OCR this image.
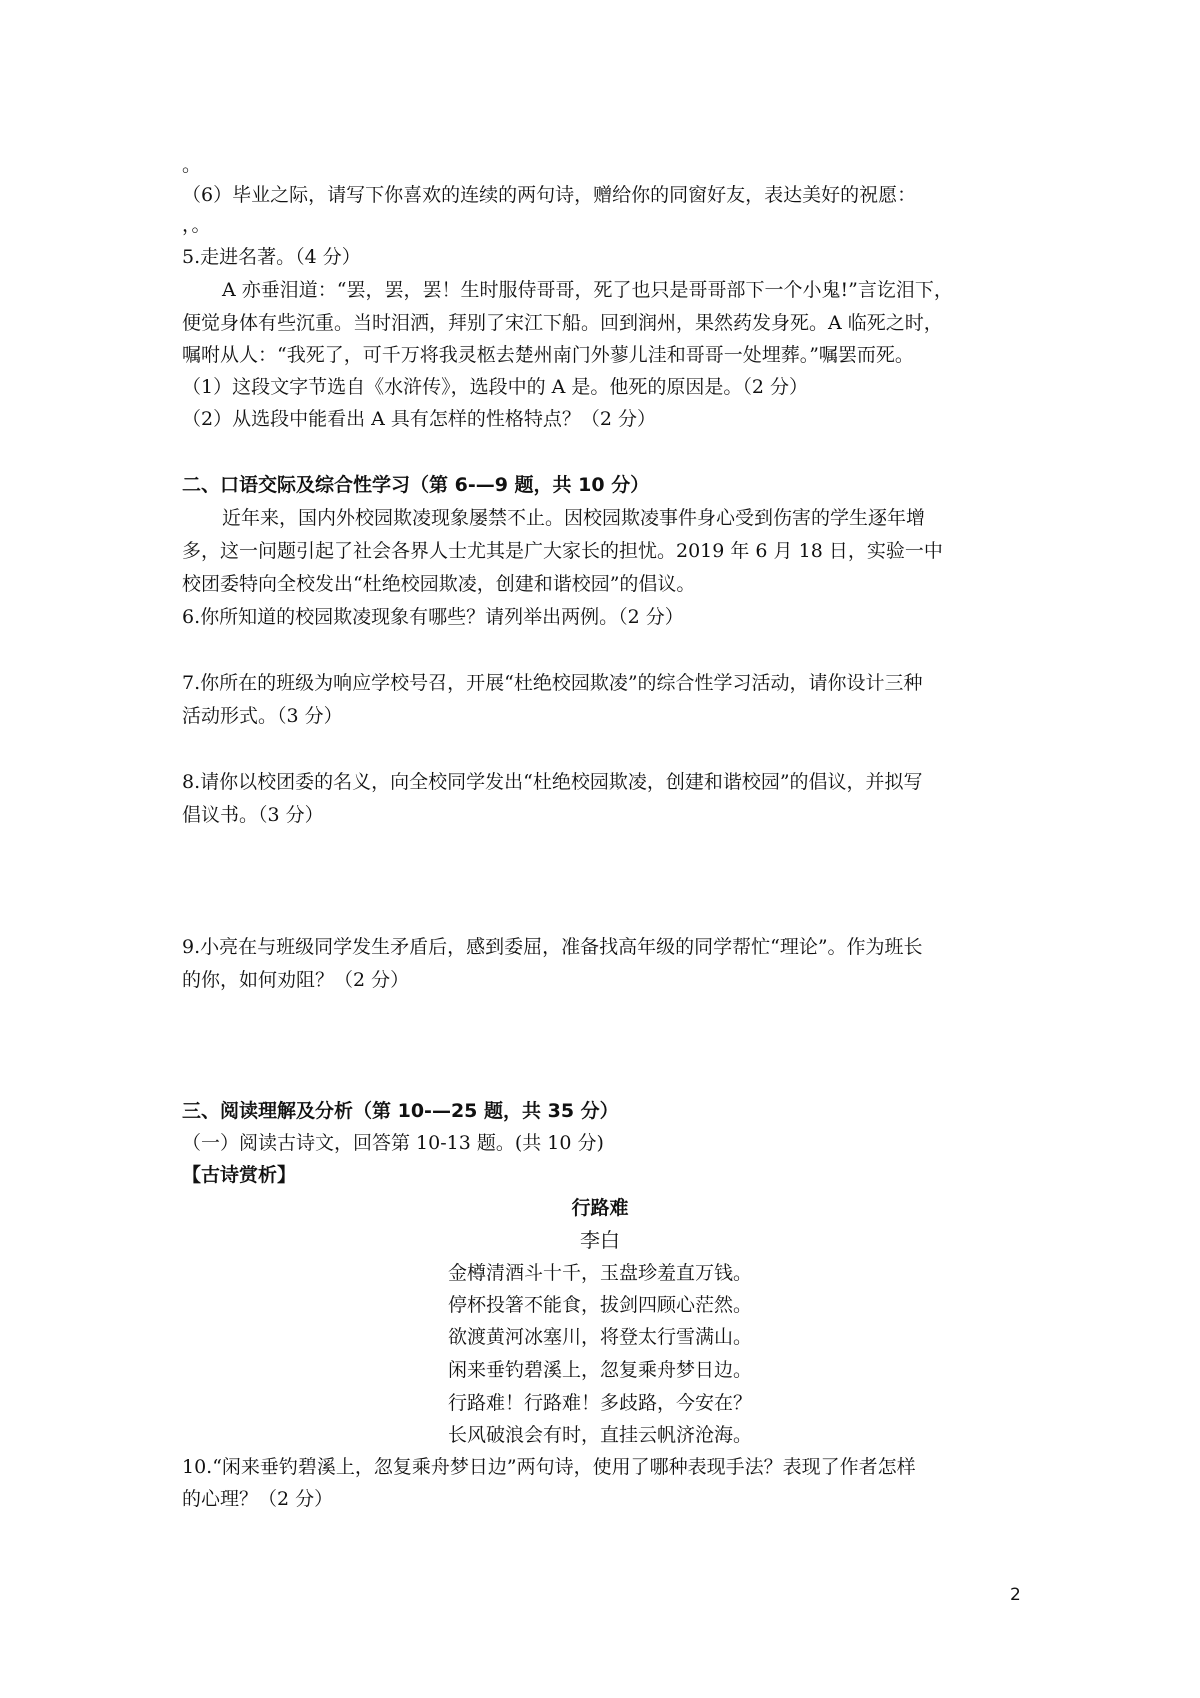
。
（6）毕业之际，请写下你喜欢的连续的两句诗，赠给你的同窗好友，表达美好的祝愿：
，。
5.走进名著。（4 分）
A 亦垂泪道：“罢，罢，罢！生时服侍哥哥，死了也只是哥哥部下一个小鬼!”言讫泪下，
便觉身体有些沉重。当时泪洒，拜别了宋江下船。回到润州，果然药发身死。A 临死之时，
嘱咐从人：“我死了，可千万将我灵柩去楚州南门外蓼儿洼和哥哥一处埋葬。”嘱罢而死。
（1）这段文字节选自《水浒传》，选段中的 A 是。他死的原因是。（2 分）
（2）从选段中能看出 A 具有怎样的性格特点？（2 分）
二、口语交际及综合性学习（第 6-—9 题，共 10 分）
近年来，国内外校园欺凌现象屡禁不止。因校园欺凌事件身心受到伤害的学生逐年增
多，这一问题引起了社会各界人士尤其是广大家长的担忧。2019 年 6 月 18 日，实验一中
校团委特向全校发出“杜绝校园欺凌，创建和谐校园”的倡议。
6.你所知道的校园欺凌现象有哪些？请列举出两例。（2 分）
7.你所在的班级为响应学校号召，开展“杜绝校园欺凌”的综合性学习活动，请你设计三种
活动形式。（3 分）
8.请你以校团委的名义，向全校同学发出“杜绝校园欺凌，创建和谐校园”的倡议，并拟写
倡议书。（3 分）
9.小亮在与班级同学发生矛盾后，感到委屈，准备找高年级的同学帮忙“理论”。作为班长
的你，如何劝阻？（2 分）
三、阅读理解及分析（第 10-—25 题，共 35 分）
（一）阅读古诗文，回答第 10-13 题。(共 10 分)
【古诗赏析】
行路难
李白
金樽清酒斗十千，玉盘珍羞直万钱。
停杯投箸不能食，拔剑四顾心茫然。
欲渡黄河冰塞川，将登太行雪满山。
闲来垂钓碧溪上，忽复乘舟梦日边。
行路难！行路难！多歧路，今安在？
长风破浪会有时，直挂云帆济沧海。
10.“闲来垂钓碧溪上，忽复乘舟梦日边”两句诗，使用了哪种表现手法？表现了作者怎样
的心理？（2 分）
2
